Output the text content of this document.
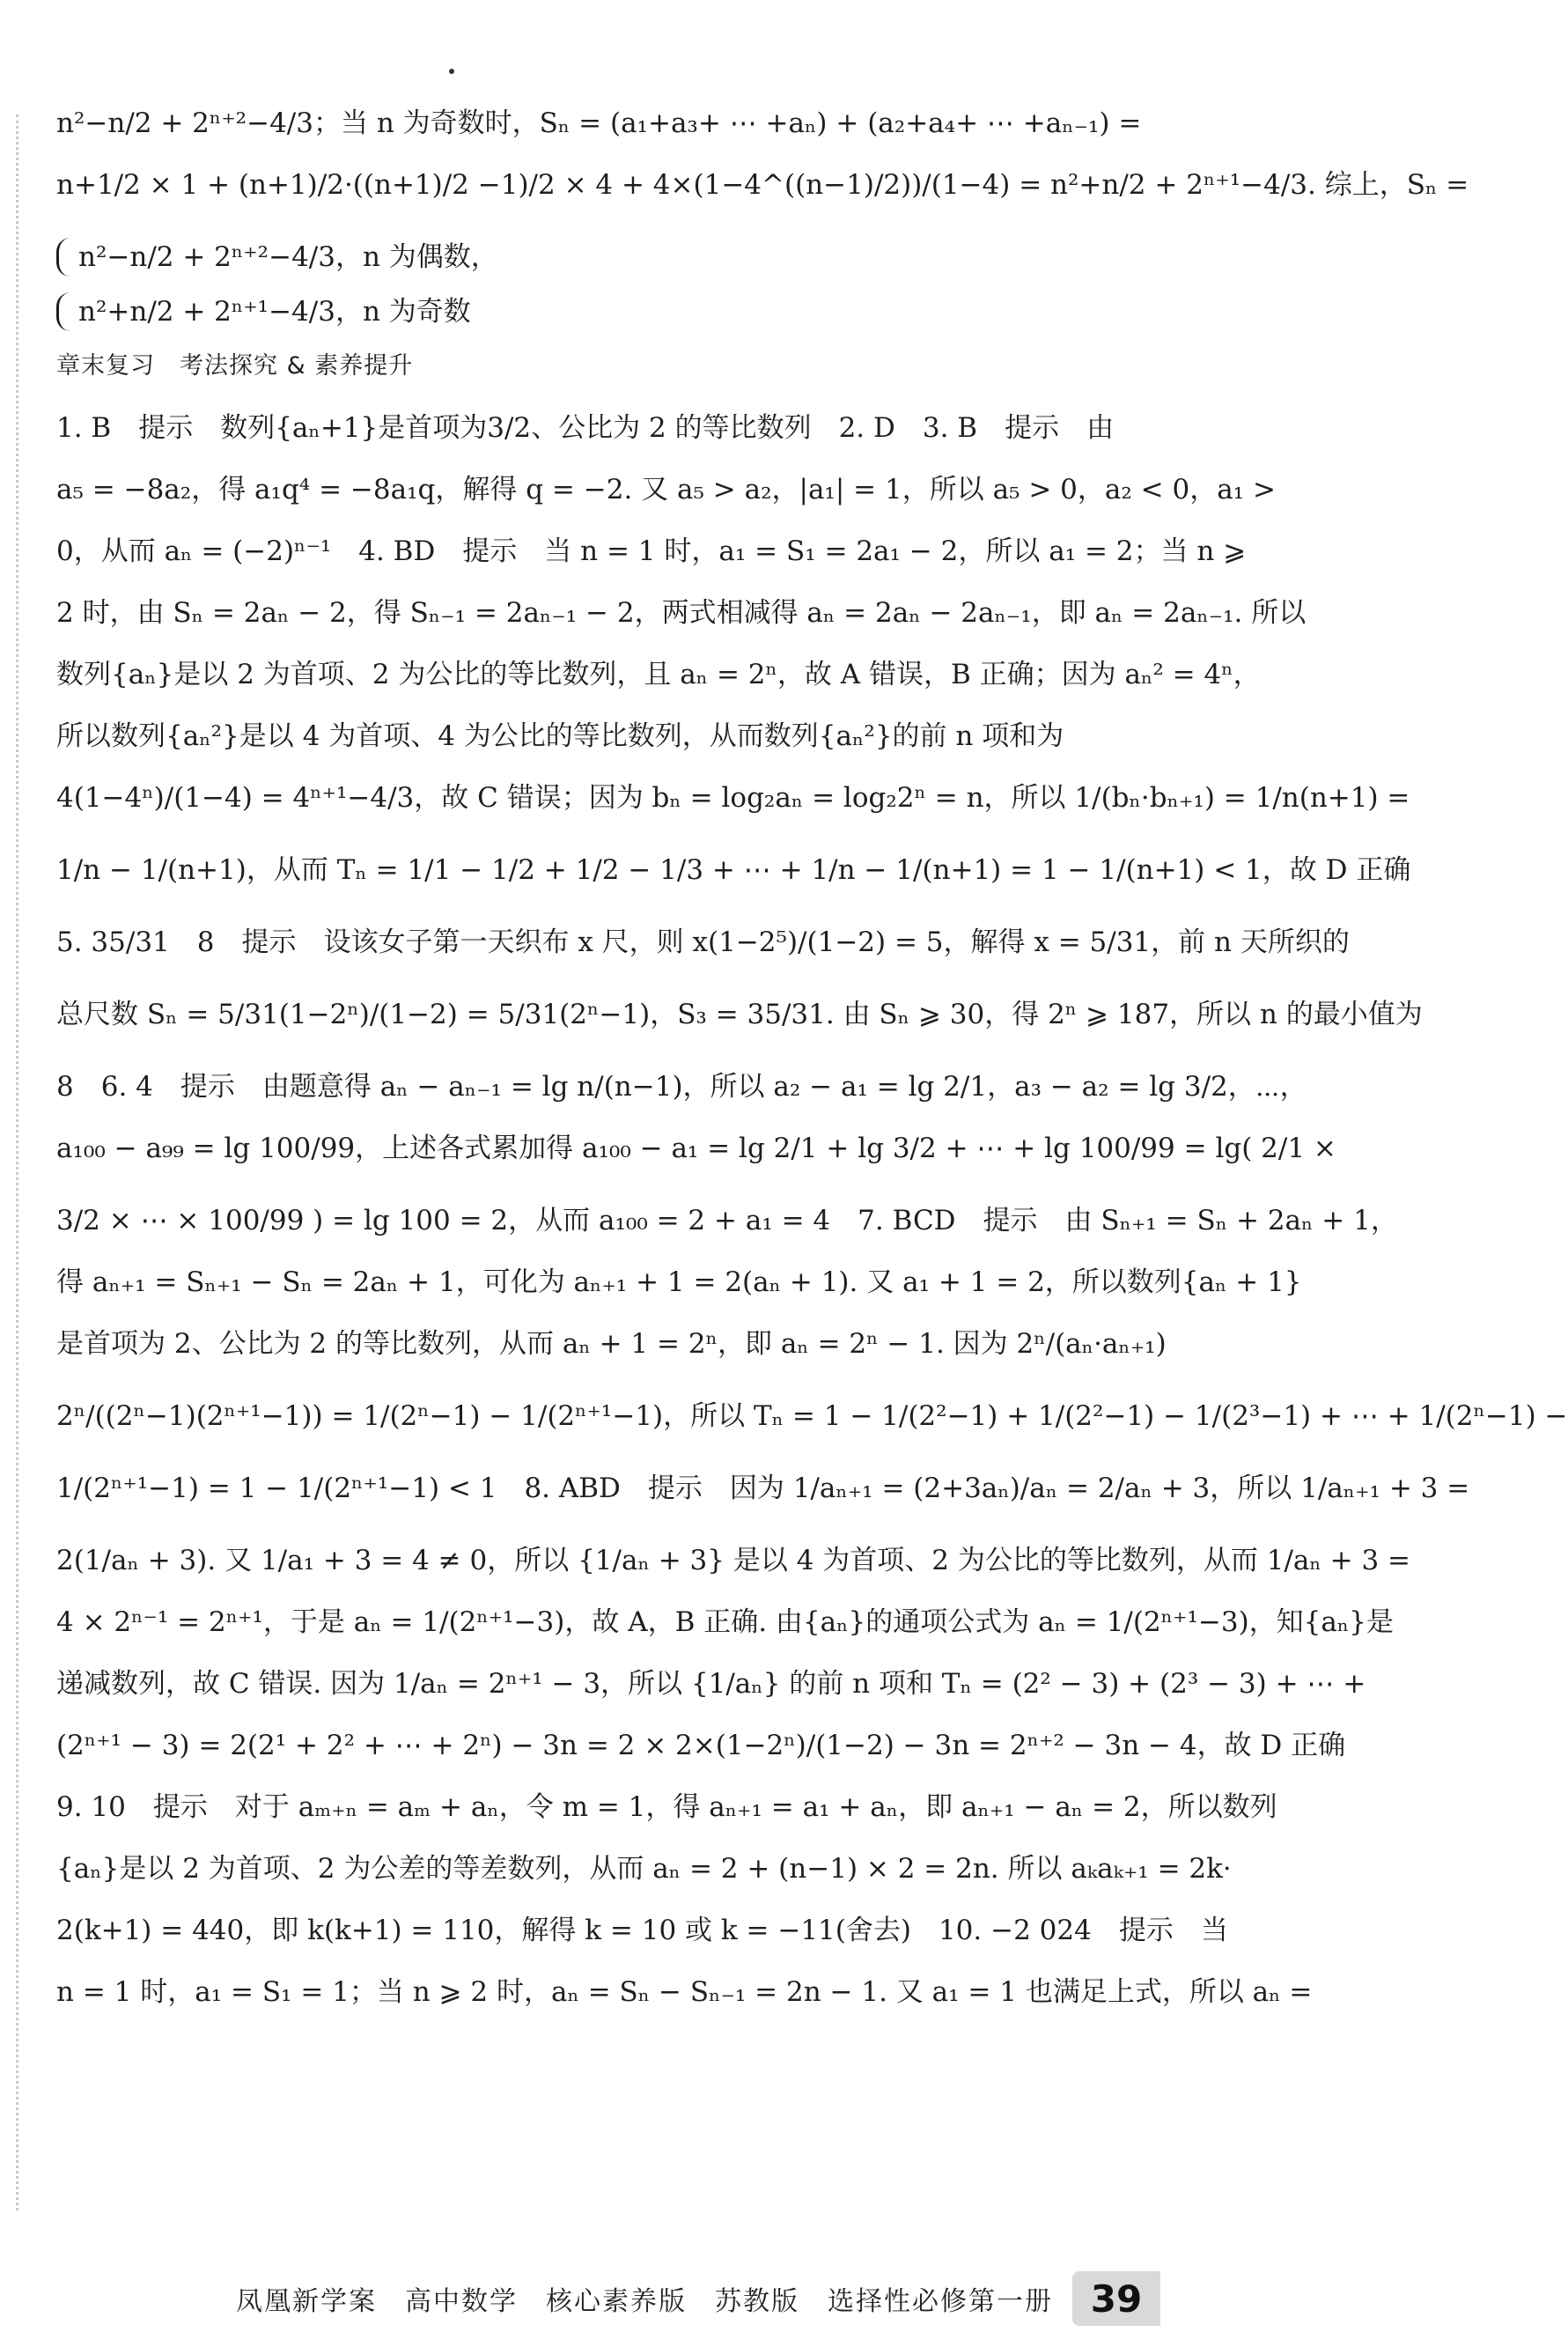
n²−n/2 + 2ⁿ⁺²−4/3；当 n 为奇数时，Sₙ = (a₁+a₃+ ⋯ +aₙ) + (a₂+a₄+ ⋯ +aₙ₋₁) =
n+1/2 × 1 + (n+1)/2·((n+1)/2 −1)/2 × 4 + 4×(1−4^((n−1)/2))/(1−4) = n²+n/2 + 2ⁿ⁺¹−4/3. 综上，Sₙ =
n²−n/2 + 2ⁿ⁺²−4/3，n 为偶数，
n²+n/2 + 2ⁿ⁺¹−4/3，n 为奇数
章末复习　考法探究 & 素养提升
1. B　提示　数列{aₙ+1}是首项为3/2、公比为 2 的等比数列　2. D　3. B　提示　由
a₅ = −8a₂，得 a₁q⁴ = −8a₁q，解得 q = −2. 又 a₅ > a₂，|a₁| = 1，所以 a₅ > 0，a₂ < 0，a₁ >
0，从而 aₙ = (−2)ⁿ⁻¹　4. BD　提示　当 n = 1 时，a₁ = S₁ = 2a₁ − 2，所以 a₁ = 2；当 n ⩾
2 时，由 Sₙ = 2aₙ − 2，得 Sₙ₋₁ = 2aₙ₋₁ − 2，两式相减得 aₙ = 2aₙ − 2aₙ₋₁，即 aₙ = 2aₙ₋₁. 所以
数列{aₙ}是以 2 为首项、2 为公比的等比数列，且 aₙ = 2ⁿ，故 A 错误，B 正确；因为 aₙ² = 4ⁿ，
所以数列{aₙ²}是以 4 为首项、4 为公比的等比数列，从而数列{aₙ²}的前 n 项和为
4(1−4ⁿ)/(1−4) = 4ⁿ⁺¹−4/3，故 C 错误；因为 bₙ = log₂aₙ = log₂2ⁿ = n，所以 1/(bₙ·bₙ₊₁) = 1/n(n+1) =
1/n − 1/(n+1)，从而 Tₙ = 1/1 − 1/2 + 1/2 − 1/3 + ⋯ + 1/n − 1/(n+1) = 1 − 1/(n+1) < 1，故 D 正确
5. 35/31　8　提示　设该女子第一天织布 x 尺，则 x(1−2⁵)/(1−2) = 5，解得 x = 5/31，前 n 天所织的
总尺数 Sₙ = 5/31(1−2ⁿ)/(1−2) = 5/31(2ⁿ−1)，S₃ = 35/31. 由 Sₙ ⩾ 30，得 2ⁿ ⩾ 187，所以 n 的最小值为
8　6. 4　提示　由题意得 aₙ − aₙ₋₁ = lg n/(n−1)，所以 a₂ − a₁ = lg 2/1，a₃ − a₂ = lg 3/2，⋯，
a₁₀₀ − a₉₉ = lg 100/99，上述各式累加得 a₁₀₀ − a₁ = lg 2/1 + lg 3/2 + ⋯ + lg 100/99 = lg( 2/1 ×
3/2 × ⋯ × 100/99 ) = lg 100 = 2，从而 a₁₀₀ = 2 + a₁ = 4　7. BCD　提示　由 Sₙ₊₁ = Sₙ + 2aₙ + 1，
得 aₙ₊₁ = Sₙ₊₁ − Sₙ = 2aₙ + 1，可化为 aₙ₊₁ + 1 = 2(aₙ + 1). 又 a₁ + 1 = 2，所以数列{aₙ + 1}
是首项为 2、公比为 2 的等比数列，从而 aₙ + 1 = 2ⁿ，即 aₙ = 2ⁿ − 1. 因为 2ⁿ/(aₙ·aₙ₊₁)
2ⁿ/((2ⁿ−1)(2ⁿ⁺¹−1)) = 1/(2ⁿ−1) − 1/(2ⁿ⁺¹−1)，所以 Tₙ = 1 − 1/(2²−1) + 1/(2²−1) − 1/(2³−1) + ⋯ + 1/(2ⁿ−1) −
1/(2ⁿ⁺¹−1) = 1 − 1/(2ⁿ⁺¹−1) < 1　8. ABD　提示　因为 1/aₙ₊₁ = (2+3aₙ)/aₙ = 2/aₙ + 3，所以 1/aₙ₊₁ + 3 =
2(1/aₙ + 3). 又 1/a₁ + 3 = 4 ≠ 0，所以 {1/aₙ + 3} 是以 4 为首项、2 为公比的等比数列，从而 1/aₙ + 3 =
4 × 2ⁿ⁻¹ = 2ⁿ⁺¹，于是 aₙ = 1/(2ⁿ⁺¹−3)，故 A，B 正确. 由{aₙ}的通项公式为 aₙ = 1/(2ⁿ⁺¹−3)，知{aₙ}是
递减数列，故 C 错误. 因为 1/aₙ = 2ⁿ⁺¹ − 3，所以 {1/aₙ} 的前 n 项和 Tₙ = (2² − 3) + (2³ − 3) + ⋯ +
(2ⁿ⁺¹ − 3) = 2(2¹ + 2² + ⋯ + 2ⁿ) − 3n = 2 × 2×(1−2ⁿ)/(1−2) − 3n = 2ⁿ⁺² − 3n − 4，故 D 正确
9. 10　提示　对于 aₘ₊ₙ = aₘ + aₙ，令 m = 1，得 aₙ₊₁ = a₁ + aₙ，即 aₙ₊₁ − aₙ = 2，所以数列
{aₙ}是以 2 为首项、2 为公差的等差数列，从而 aₙ = 2 + (n−1) × 2 = 2n. 所以 aₖaₖ₊₁ = 2k·
2(k+1) = 440，即 k(k+1) = 110，解得 k = 10 或 k = −11(舍去)　10. −2 024　提示　当
n = 1 时，a₁ = S₁ = 1；当 n ⩾ 2 时，aₙ = Sₙ − Sₙ₋₁ = 2n − 1. 又 a₁ = 1 也满足上式，所以 aₙ =
凤凰新学案　高中数学　核心素养版　苏教版　选择性必修第一册	39
